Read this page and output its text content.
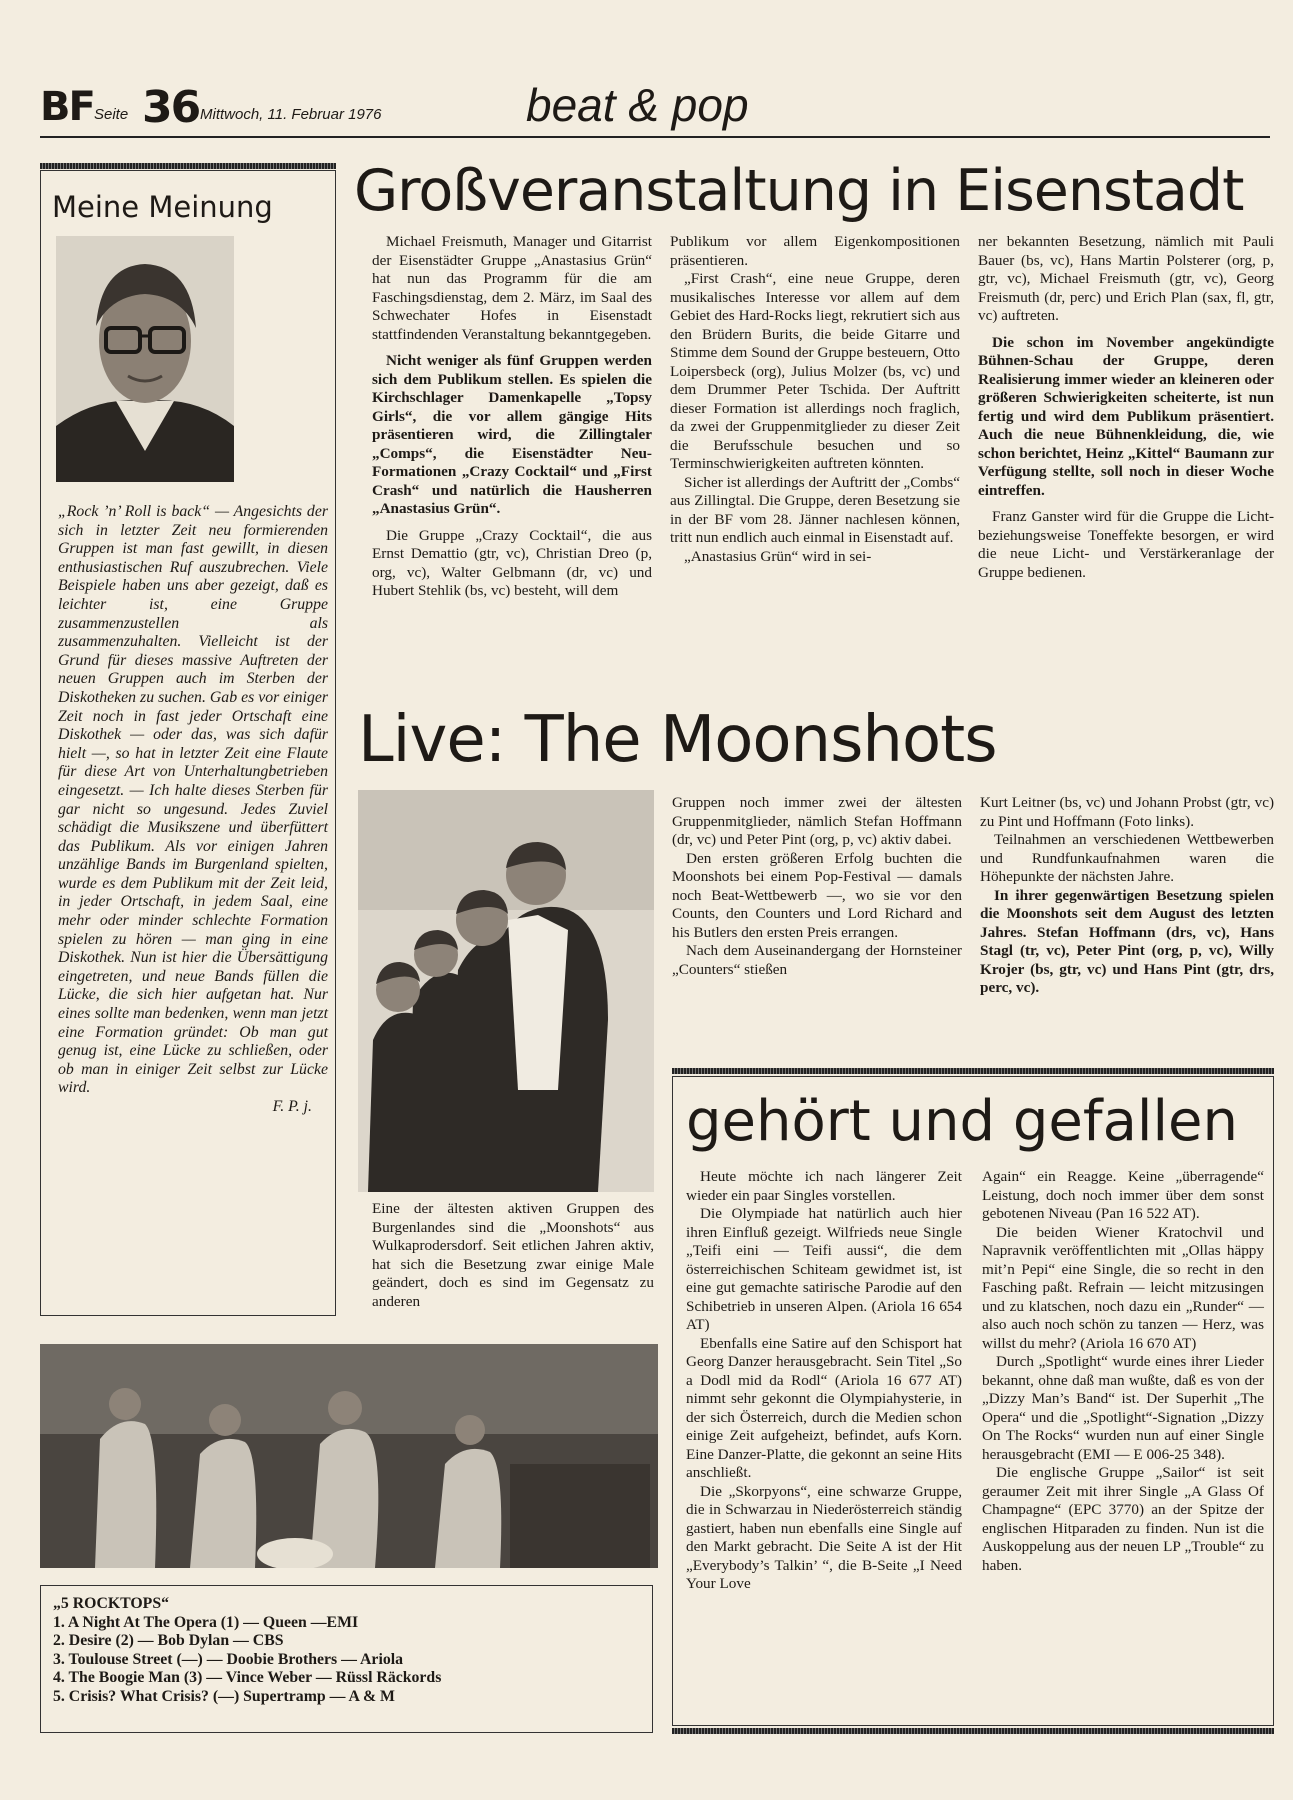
BF Seite 36 Mittwoch, 11. Februar 1976	beat & pop
Meine Meinung

„Rock ’n’ Roll is back“ — Angesichts der sich in letzter Zeit neu formierenden Gruppen ist man fast gewillt, in diesen enthusiastischen Ruf auszubrechen. Viele Beispiele haben uns aber gezeigt, daß es leichter ist, eine Gruppe zusammenzustellen als zusammenzuhalten. Vielleicht ist der Grund für dieses massive Auftreten der neuen Gruppen auch im Sterben der Diskotheken zu suchen. Gab es vor einiger Zeit noch in fast jeder Ortschaft eine Diskothek — oder das, was sich dafür hielt —, so hat in letzter Zeit eine Flaute für diese Art von Unterhaltungbetrieben eingesetzt. — Ich halte dieses Sterben für gar nicht so ungesund. Jedes Zuviel schädigt die Musikszene und überfüttert das Publikum. Als vor einigen Jahren unzählige Bands im Burgenland spielten, wurde es dem Publikum mit der Zeit leid, in jeder Ortschaft, in jedem Saal, eine mehr oder minder schlechte Formation spielen zu hören — man ging in eine Diskothek. Nun ist hier die Übersättigung eingetreten, und neue Bands füllen die Lücke, die sich hier aufgetan hat. Nur eines sollte man bedenken, wenn man jetzt eine Formation gründet: Ob man gut genug ist, eine Lücke zu schließen, oder ob man in einiger Zeit selbst zur Lücke wird.

F. P. j.
Großveranstaltung in Eisenstadt

Michael Freismuth, Manager und Gitarrist der Eisenstädter Gruppe „Anastasius Grün“ hat nun das Programm für die am Faschingsdienstag, dem 2. März, im Saal des Schwechater Hofes in Eisenstadt stattfindenden Veranstaltung bekanntgegeben.

Nicht weniger als fünf Gruppen werden sich dem Publikum stellen. Es spielen die Kirchschlager Damenkapelle „Topsy Girls“, die vor allem gängige Hits präsentieren wird, die Zillingtaler „Comps“, die Eisenstädter Neu-Formationen „Crazy Cocktail“ und „First Crash“ und natürlich die Hausherren „Anastasius Grün“.

Die Gruppe „Crazy Cocktail“, die aus Ernst Demattio (gtr, vc), Christian Dreo (p, org, vc), Walter Gelbmann (dr, vc) und Hubert Stehlik (bs, vc) besteht, will dem

Publikum vor allem Eigenkompositionen präsentieren.

„First Crash“, eine neue Gruppe, deren musikalisches Interesse vor allem auf dem Gebiet des Hard-Rocks liegt, rekrutiert sich aus den Brüdern Burits, die beide Gitarre und Stimme dem Sound der Gruppe besteuern, Otto Loipersbeck (org), Julius Molzer (bs, vc) und dem Drummer Peter Tschida. Der Auftritt dieser Formation ist allerdings noch fraglich, da zwei der Gruppenmitglieder zu dieser Zeit die Berufsschule besuchen und so Terminschwierigkeiten auftreten könnten.

Sicher ist allerdings der Auftritt der „Combs“ aus Zillingtal. Die Gruppe, deren Besetzung sie in der BF vom 28. Jänner nachlesen können, tritt nun endlich auch einmal in Eisenstadt auf.

„Anastasius Grün“ wird in sei-

ner bekannten Besetzung, nämlich mit Pauli Bauer (bs, vc), Hans Martin Polsterer (org, p, gtr, vc), Michael Freismuth (gtr, vc), Georg Freismuth (dr, perc) und Erich Plan (sax, fl, gtr, vc) auftreten.

Die schon im November angekündigte Bühnen-Schau der Gruppe, deren Realisierung immer wieder an kleineren oder größeren Schwierigkeiten scheiterte, ist nun fertig und wird dem Publikum präsentiert. Auch die neue Bühnenkleidung, die, wie schon berichtet, Heinz „Kittel“ Baumann zur Verfügung stellte, soll noch in dieser Woche eintreffen.

Franz Ganster wird für die Gruppe die Licht- beziehungsweise Toneffekte besorgen, er wird die neue Licht- und Verstärkeranlage der Gruppe bedienen.

Live: The Moonshots

Eine der ältesten aktiven Gruppen des Burgenlandes sind die „Moonshots“ aus Wulkaprodersdorf. Seit etlichen Jahren aktiv, hat sich die Besetzung zwar einige Male geändert, doch es sind im Gegensatz zu anderen

Gruppen noch immer zwei der ältesten Gruppenmitglieder, nämlich Stefan Hoffmann (dr, vc) und Peter Pint (org, p, vc) aktiv dabei.

Den ersten größeren Erfolg buchten die Moonshots bei einem Pop-Festival — damals noch Beat-Wettbewerb —, wo sie vor den Counts, den Counters und Lord Richard and his Butlers den ersten Preis errangen.

Nach dem Auseinandergang der Hornsteiner „Counters“ stießen

Kurt Leitner (bs, vc) und Johann Probst (gtr, vc) zu Pint und Hoffmann (Foto links).

Teilnahmen an verschiedenen Wettbewerben und Rundfunkaufnahmen waren die Höhepunkte der nächsten Jahre.

In ihrer gegenwärtigen Besetzung spielen die Moonshots seit dem August des letzten Jahres. Stefan Hoffmann (drs, vc), Hans Stagl (tr, vc), Peter Pint (org, p, vc), Willy Krojer (bs, gtr, vc) und Hans Pint (gtr, drs, perc, vc).

„5 ROCKTOPS“
1. A Night At The Opera (1) — Queen —EMI
2. Desire (2) — Bob Dylan — CBS
3. Toulouse Street (—) — Doobie Brothers — Ariola
4. The Boogie Man (3) — Vince Weber — Rüssl Räckords
5. Crisis? What Crisis? (—) Supertramp — A & M
gehört und gefallen

Heute möchte ich nach längerer Zeit wieder ein paar Singles vorstellen.

Die Olympiade hat natürlich auch hier ihren Einfluß gezeigt. Wilfrieds neue Single „Teifi eini — Teifi aussi“, die dem österreichischen Schiteam gewidmet ist, ist eine gut gemachte satirische Parodie auf den Schibetrieb in unseren Alpen. (Ariola 16 654 AT)

Ebenfalls eine Satire auf den Schisport hat Georg Danzer herausgebracht. Sein Titel „So a Dodl mid da Rodl“ (Ariola 16 677 AT) nimmt sehr gekonnt die Olympiahysterie, in der sich Österreich, durch die Medien schon einige Zeit aufgeheizt, befindet, aufs Korn. Eine Danzer-Platte, die gekonnt an seine Hits anschließt.

Die „Skorpyons“, eine schwarze Gruppe, die in Schwarzau in Niederösterreich ständig gastiert, haben nun ebenfalls eine Single auf den Markt gebracht. Die Seite A ist der Hit „Everybody’s Talkin’ “, die B-Seite „I Need Your Love

Again“ ein Reagge. Keine „überragende“ Leistung, doch noch immer über dem sonst gebotenen Niveau (Pan 16 522 AT).

Die beiden Wiener Kratochvil und Napravnik veröffentlichten mit „Ollas häppy mit’n Pepi“ eine Single, die so recht in den Fasching paßt. Refrain — leicht mitzusingen und zu klatschen, noch dazu ein „Runder“ — also auch noch schön zu tanzen — Herz, was willst du mehr? (Ariola 16 670 AT)

Durch „Spotlight“ wurde eines ihrer Lieder bekannt, ohne daß man wußte, daß es von der „Dizzy Man’s Band“ ist. Der Superhit „The Opera“ und die „Spotlight“-Signation „Dizzy On The Rocks“ wurden nun auf einer Single herausgebracht (EMI — E 006-25 348).

Die englische Gruppe „Sailor“ ist seit geraumer Zeit mit ihrer Single „A Glass Of Champagne“ (EPC 3770) an der Spitze der englischen Hitparaden zu finden. Nun ist die Auskoppelung aus der neuen LP „Trouble“ zu haben.
